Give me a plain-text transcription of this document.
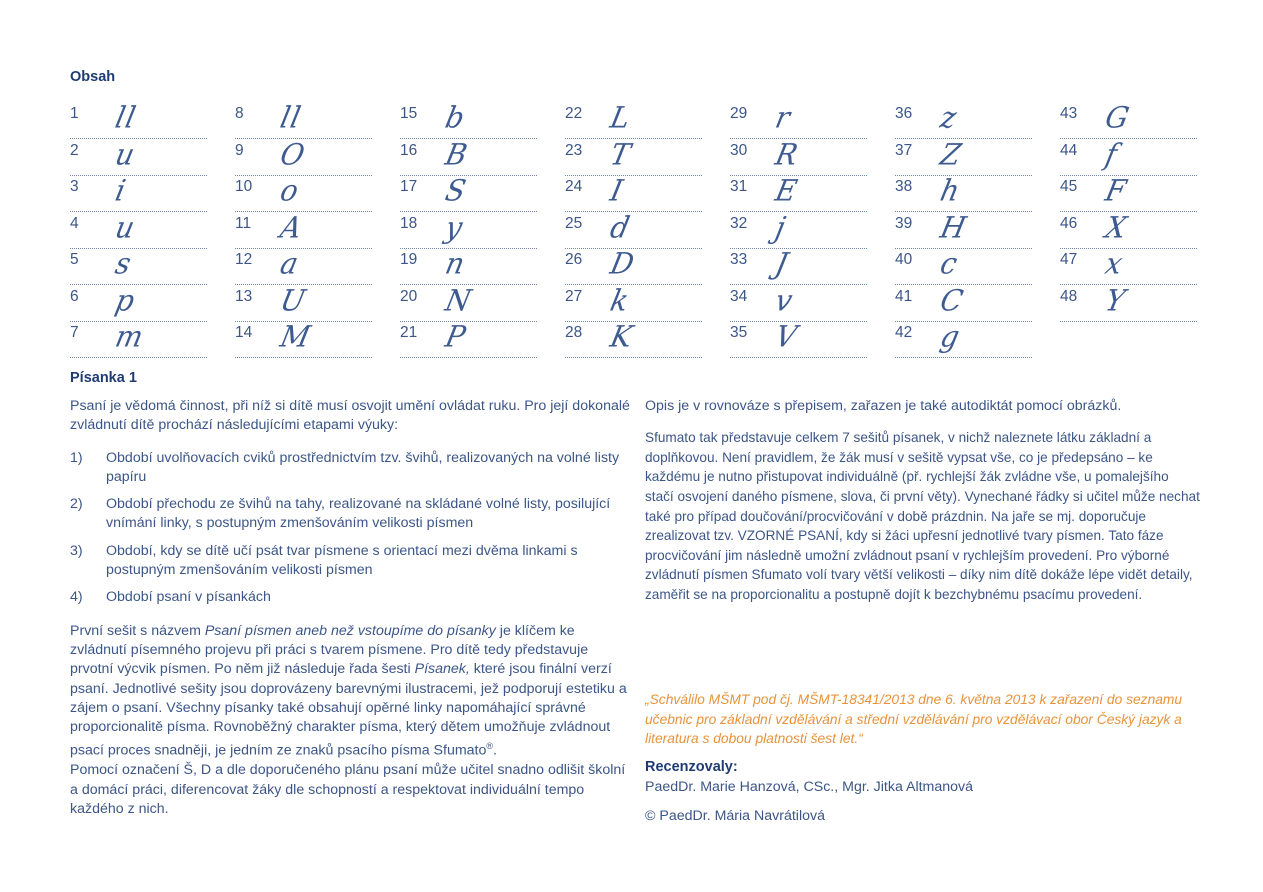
Obsah
1 ll
2 u
3 i
4 u
5 s
6 p
7 m
8 ll
9 O
10 o
11 A
12 a
13 U
14 M
15 b
16 B
17 S
18 y
19 n
20 N
21 P
22 L
23 T
24 I
25 d
26 D
27 k
28 K
29 r
30 R
31 E
32 j
33 J
34 v
35 V
36 z
37 Z
38 h
39 H
40 c
41 C
42 g
43 G
44 f
45 F
46 X
47 x
48 Y
Písanka 1

Psaní je vědomá činnost, při níž si dítě musí osvojit umění ovládat ruku. Pro její dokonalé zvládnutí dítě prochází následujícími etapami výuky:

1) Období uvolňovacích cviků prostřednictvím tzv. švihů, realizovaných na volné listy papíru
2) Období přechodu ze švihů na tahy, realizované na skládané volné listy, posilující vnímání linky, s postupným zmenšováním velikosti písmen
3) Období, kdy se dítě učí psát tvar písmene s orientací mezi dvěma linkami s postupným zmenšováním velikosti písmen
4) Období psaní v písankách

První sešit s názvem Psaní písmen aneb než vstoupíme do písanky je klíčem ke zvládnutí písemného projevu při práci s tvarem písmene. Pro dítě tedy představuje prvotní výcvik písmen. Po něm již následuje řada šesti Písanek, které jsou finální verzí psaní. Jednotlivé sešity jsou doprovázeny barevnými ilustracemi, jež podporují estetiku a zájem o psaní. Všechny písanky také obsahují opěrné linky napomáhající správné proporcionalitě písma. Rovnoběžný charakter písma, který dětem umožňuje zvládnout psací proces snadněji, je jedním ze znaků psacího písma Sfumato®.
Pomocí označení Š, D a dle doporučeného plánu psaní může učitel snadno odlišit školní a domácí práci, diferencovat žáky dle schopností a respektovat individuální tempo každého z nich.

Opis je v rovnováze s přepisem, zařazen je také autodiktát pomocí obrázků.

Sfumato tak představuje celkem 7 sešitů písanek, v nichž naleznete látku základní a doplňkovou. Není pravidlem, že žák musí v sešitě vypsat vše, co je předepsáno – ke každému je nutno přistupovat individuálně (př. rychlejší žák zvládne vše, u pomalejšího stačí osvojení daného písmene, slova, či první věty). Vynechané řádky si učitel může nechat také pro případ doučování/procvičování v době prázdnin. Na jaře se mj. doporučuje zrealizovat tzv. VZORNÉ PSANÍ, kdy si žáci upřesní jednotlivé tvary písmen. Tato fáze procvičování jim následně umožní zvládnout psaní v rychlejším provedení. Pro výborné zvládnutí písmen Sfumato volí tvary větší velikosti – díky nim dítě dokáže lépe vidět detaily, zaměřit se na proporcionalitu a postupně dojít k bezchybnému psacímu provedení.

„Schválilo MŠMT pod čj. MŠMT-18341/2013 dne 6. května 2013 k zařazení do seznamu učebnic pro základní vzdělávání a střední vzdělávání pro vzdělávací obor Český jazyk a literatura s dobou platnosti šest let.“
Recenzovaly:
PaedDr. Marie Hanzová, CSc., Mgr. Jitka Altmanová
© PaedDr. Mária Navrátilová
